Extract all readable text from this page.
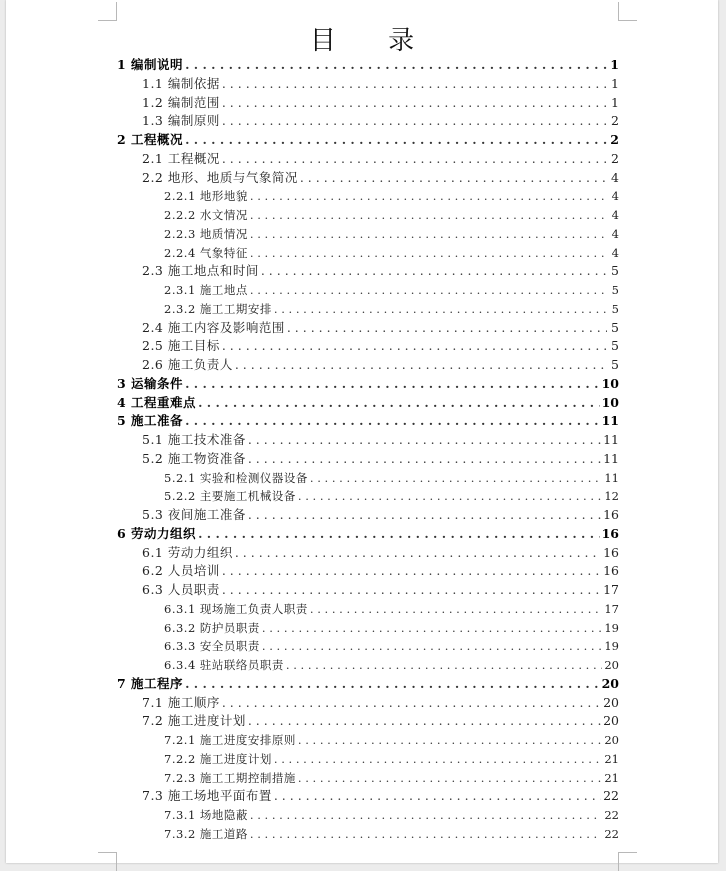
目 录
1 编制说明 . . .	1
1.1 编制依据 . . .	1
1.2 编制范围 . . .	1
1.3 编制原则 . . .	2
2 工程概况 . . .	2
2.1 工程概况 . . .	2
2.2 地形、地质与气象简况 . . .	4
2.2.1 地形地貌 . . .	4
2.2.2 水文情况 . . .	4
2.2.3 地质情况 . . .	4
2.2.4 气象特征 . . .	4
2.3 施工地点和时间 . . .	5
2.3.1 施工地点 . . .	5
2.3.2 施工工期安排 . . .	5
2.4 施工内容及影响范围 . . .	5
2.5 施工目标 . . .	5
2.6 施工负责人 . . .	5
3 运输条件 . . .	10
4 工程重难点 . . .	10
5 施工准备 . . .	11
5.1 施工技术准备 . . .	11
5.2 施工物资准备 . . .	11
5.2.1 实验和检测仪器设备 . . .	11
5.2.2 主要施工机械设备 . . .	12
5.3 夜间施工准备 . . .	16
6 劳动力组织 . . .	16
6.1 劳动力组织 . . .	16
6.2 人员培训 . . .	16
6.3 人员职责 . . .	17
6.3.1 现场施工负责人职责 . . .	17
6.3.2 防护员职责 . . .	19
6.3.3 安全员职责 . . .	19
6.3.4 驻站联络员职责 . . .	20
7 施工程序 . . .	20
7.1 施工顺序 . . .	20
7.2 施工进度计划 . . .	20
7.2.1 施工进度安排原则 . . .	20
7.2.2 施工进度计划 . . .	21
7.2.3 施工工期控制措施 . . .	21
7.3 施工场地平面布置 . . .	22
7.3.1 场地隐蔽 . . .	22
7.3.2 施工道路 . . .	22
